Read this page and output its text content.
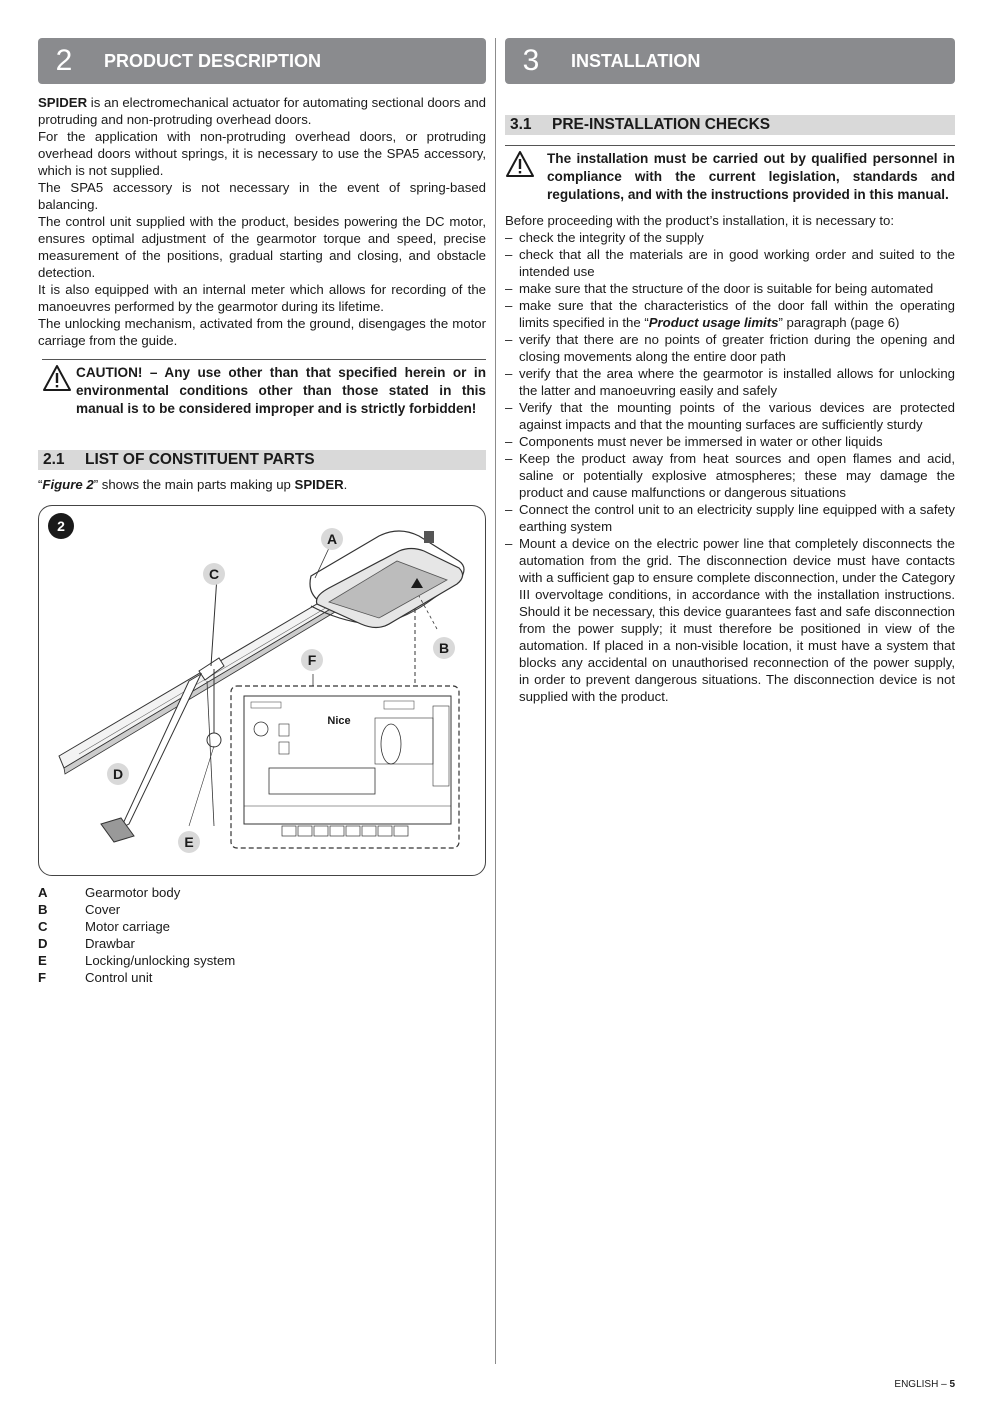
2	PRODUCT DESCRIPTION

SPIDER is an electromechanical actuator for automating sectional doors and protruding and non-protruding overhead doors.

For the application with non-protruding overhead doors, or protruding overhead doors without springs, it is necessary to use the SPA5 accessory, which is not supplied.

The SPA5 accessory is not necessary in the event of spring-based balancing.

The control unit supplied with the product, besides powering the DC motor, ensures optimal adjustment of the gearmotor torque and speed, precise measurement of the positions, gradual starting and closing, and obstacle detection.

It is also equipped with an internal meter which allows for recording of the manoeuvres performed by the gearmotor during its lifetime.

The unlocking mechanism, activated from the ground, disengages the motor carriage from the guide.

CAUTION! – Any use other than that specified herein or in environmental conditions other than those stated in this manual is to be considered improper and is strictly forbidden!
2.1	LIST OF CONSTITUENT PARTS

“Figure 2” shows the main parts making up SPIDER.

2
Nice
A
B
C
D
E
F
A	Gearmotor body
B	Cover
C	Motor carriage
D	Drawbar
E	Locking/unlocking system
F	Control unit
3	INSTALLATION
3.1	PRE-INSTALLATION CHECKS
The installation must be carried out by qualified personnel in compliance with the current legislation, standards and regulations, and with the instructions provided in this manual.

Before proceeding with the product’s installation, it is necessary to:

– check the integrity of the supply
– check that all the materials are in good working order and suited to the intended use
– make sure that the structure of the door is suitable for being automated
– make sure that the characteristics of the door fall within the operating limits specified in the “Product usage limits” paragraph (page 6)
– verify that there are no points of greater friction during the opening and closing movements along the entire door path
– verify that the area where the gearmotor is installed allows for unlocking the latter and manoeuvring easily and safely
– Verify that the mounting points of the various devices are protected against impacts and that the mounting surfaces are sufficiently sturdy
– Components must never be immersed in water or other liquids
– Keep the product away from heat sources and open flames and acid, saline or potentially explosive atmospheres; these may damage the product and cause malfunctions or dangerous situations
– Connect the control unit to an electricity supply line equipped with a safety earthing system
– Mount a device on the electric power line that completely disconnects the automation from the grid. The disconnection device must have contacts with a sufficient gap to ensure complete disconnection, under the Category III overvoltage conditions, in accordance with the installation instructions. Should it be necessary, this device guarantees fast and safe disconnection from the power supply; it must therefore be positioned in view of the automation. If placed in a non-visible location, it must have a system that blocks any accidental on unauthorised reconnection of the power supply, in order to prevent dangerous situations. The disconnection device is not supplied with the product.
ENGLISH – 5
